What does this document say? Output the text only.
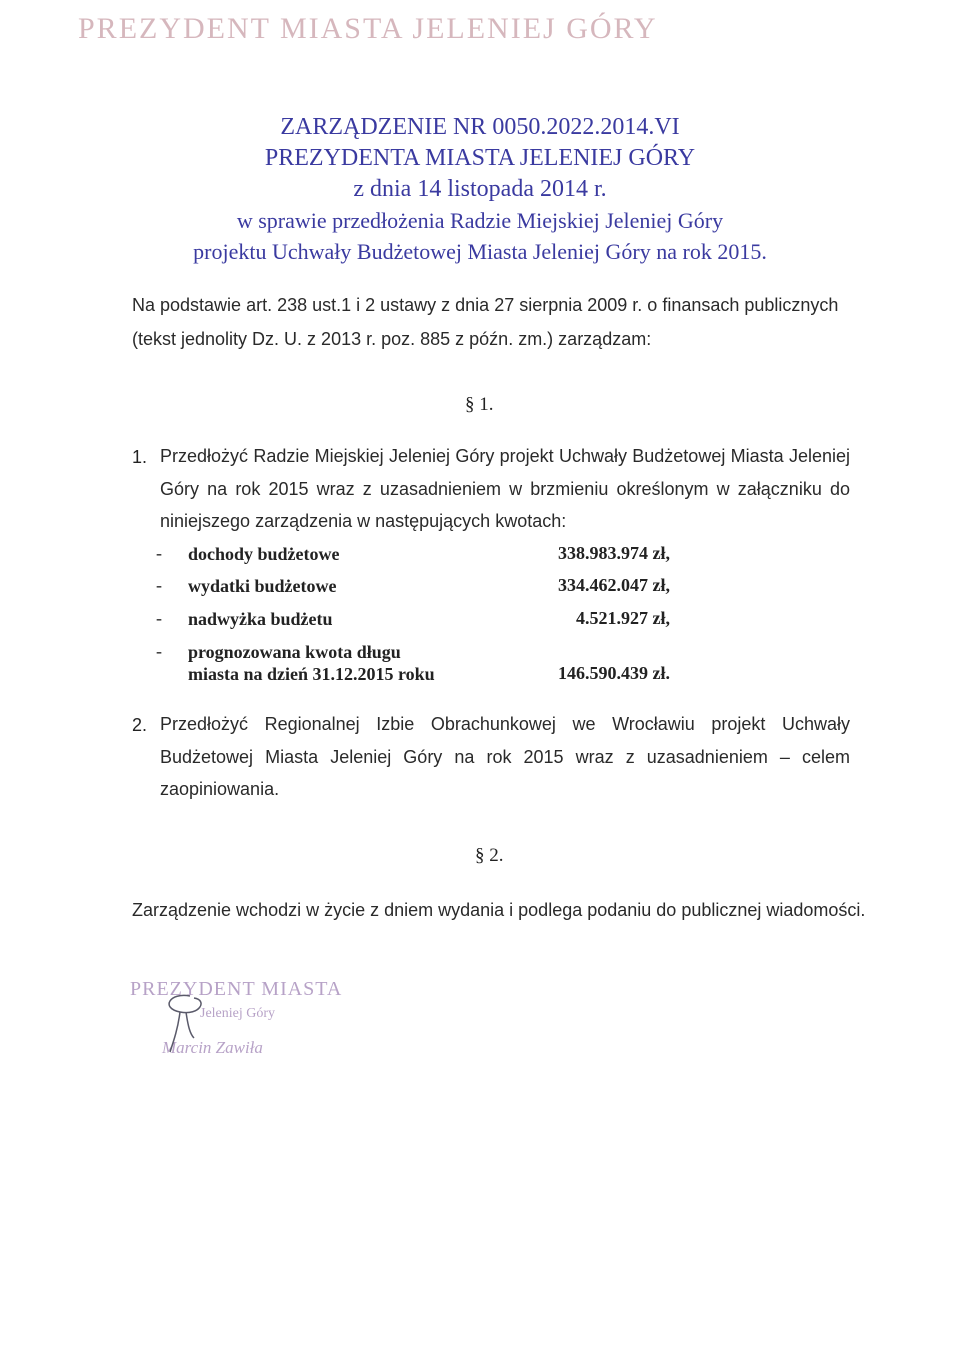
PREZYDENT MIASTA JELENIEJ GÓRY
ZARZĄDZENIE NR 0050.2022.2014.VI
PREZYDENTA MIASTA JELENIEJ GÓRY
z dnia 14 listopada 2014 r.
w sprawie przedłożenia Radzie Miejskiej Jeleniej Góry
projektu Uchwały Budżetowej Miasta Jeleniej Góry na rok 2015.
Na podstawie art. 238 ust.1 i 2 ustawy z dnia 27 sierpnia 2009 r. o finansach publicznych
(tekst jednolity Dz. U. z 2013 r. poz. 885 z późn. zm.) zarządzam:
§ 1.
1. Przedłożyć Radzie Miejskiej Jeleniej Góry projekt Uchwały Budżetowej Miasta Jeleniej Góry na rok 2015 wraz z uzasadnieniem w brzmieniu określonym w załączniku do niniejszego zarządzenia w następujących kwotach:
- dochody budżetowe	338.983.974 zł,
- wydatki budżetowe	334.462.047 zł,
- nadwyżka budżetu	4.521.927 zł,
- prognozowana kwota długu
miasta na dzień 31.12.2015 roku	146.590.439 zł.
2. Przedłożyć Regionalnej Izbie Obrachunkowej we Wrocławiu projekt Uchwały Budżetowej Miasta Jeleniej Góry na rok 2015 wraz z uzasadnieniem – celem zaopiniowania.
§ 2.
Zarządzenie wchodzi w życie z dniem wydania i podlega podaniu do publicznej wiadomości.
PREZYDENT MIASTA
Jeleniej Góry
Marcin Zawiła
